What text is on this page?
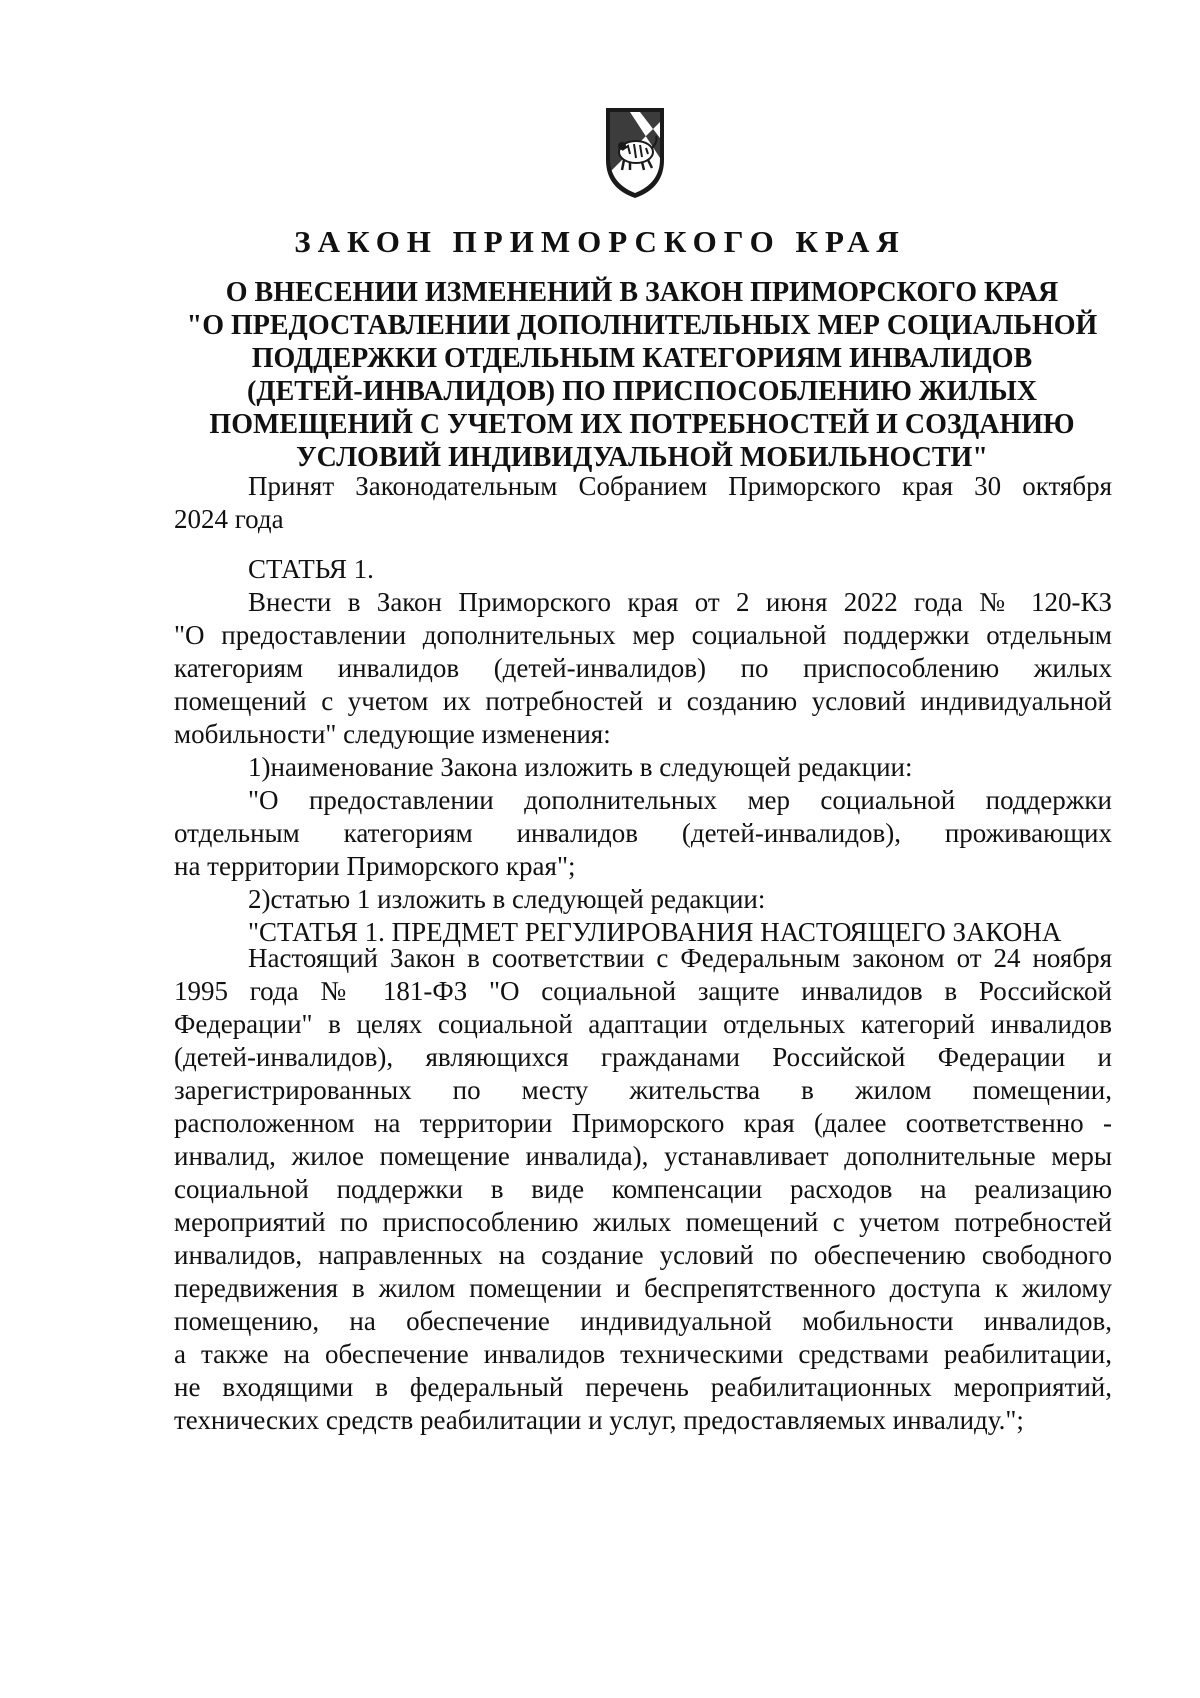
ЗАКОН ПРИМОРСКОГО КРАЯ
О ВНЕСЕНИИ ИЗМЕНЕНИЙ В ЗАКОН ПРИМОРСКОГО КРАЯ
"О ПРЕДОСТАВЛЕНИИ ДОПОЛНИТЕЛЬНЫХ МЕР СОЦИАЛЬНОЙ
ПОДДЕРЖКИ ОТДЕЛЬНЫМ КАТЕГОРИЯМ ИНВАЛИДОВ
(ДЕТЕЙ-ИНВАЛИДОВ) ПО ПРИСПОСОБЛЕНИЮ ЖИЛЫХ
ПОМЕЩЕНИЙ С УЧЕТОМ ИХ ПОТРЕБНОСТЕЙ И СОЗДАНИЮ
УСЛОВИЙ ИНДИВИДУАЛЬНОЙ МОБИЛЬНОСТИ"
Принят Законодательным Собранием Приморского края 30 октября
2024 года
СТАТЬЯ 1.
Внести в Закон Приморского края от 2 июня 2022 года № 120-КЗ
"О предоставлении дополнительных мер социальной поддержки отдельным
категориям инвалидов (детей-инвалидов) по приспособлению жилых
помещений с учетом их потребностей и созданию условий индивидуальной
мобильности" следующие изменения:
1)наименование Закона изложить в следующей редакции:
"О предоставлении дополнительных мер социальной поддержки
отдельным категориям инвалидов (детей-инвалидов), проживающих
на территории Приморского края";
2)статью 1 изложить в следующей редакции:
"СТАТЬЯ 1. ПРЕДМЕТ РЕГУЛИРОВАНИЯ НАСТОЯЩЕГО ЗАКОНА
Настоящий Закон в соответствии с Федеральным законом от 24 ноября
1995 года № 181-ФЗ "О социальной защите инвалидов в Российской
Федерации" в целях социальной адаптации отдельных категорий инвалидов
(детей-инвалидов), являющихся гражданами Российской Федерации и
зарегистрированных по месту жительства в жилом помещении,
расположенном на территории Приморского края (далее соответственно -
инвалид, жилое помещение инвалида), устанавливает дополнительные меры
социальной поддержки в виде компенсации расходов на реализацию
мероприятий по приспособлению жилых помещений с учетом потребностей
инвалидов, направленных на создание условий по обеспечению свободного
передвижения в жилом помещении и беспрепятственного доступа к жилому
помещению, на обеспечение индивидуальной мобильности инвалидов,
а также на обеспечение инвалидов техническими средствами реабилитации,
не входящими в федеральный перечень реабилитационных мероприятий,
технических средств реабилитации и услуг, предоставляемых инвалиду.";
